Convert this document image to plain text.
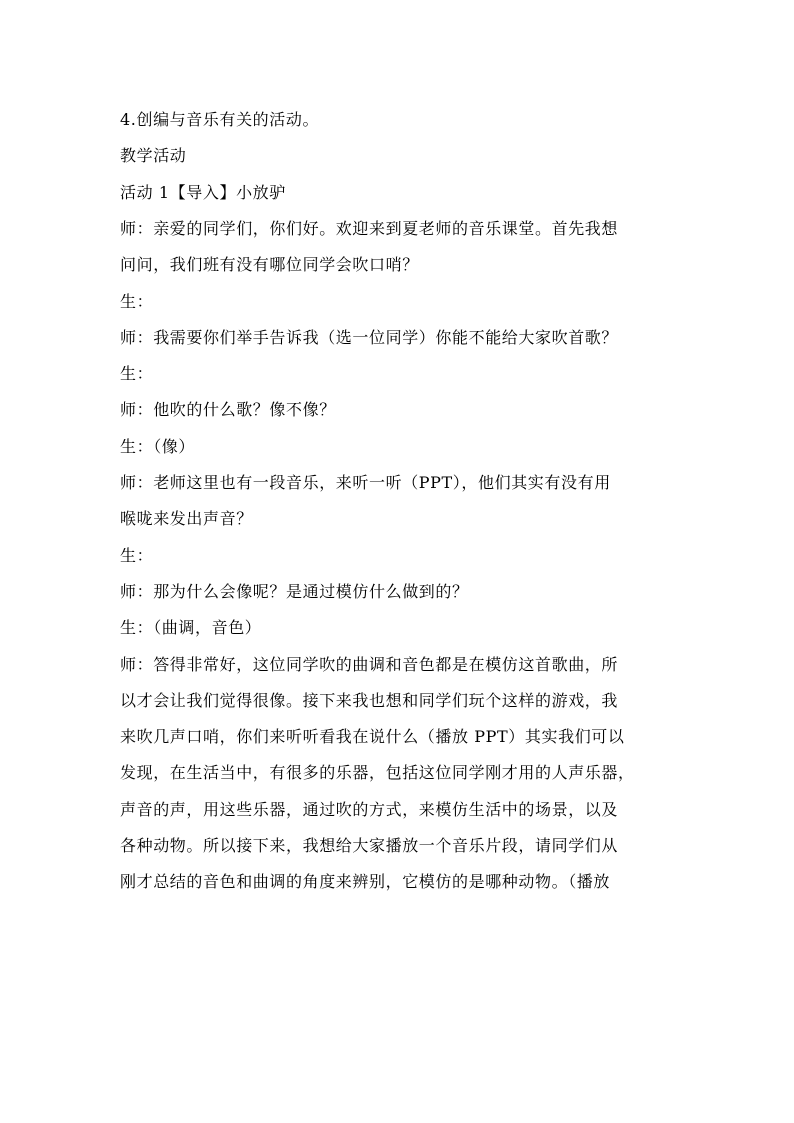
4.创编与音乐有关的活动。
教学活动
活动 1【导入】小放驴
师：亲爱的同学们，你们好。欢迎来到夏老师的音乐课堂。首先我想
问问，我们班有没有哪位同学会吹口哨？
生：
师：我需要你们举手告诉我（选一位同学）你能不能给大家吹首歌？
生：
师：他吹的什么歌？像不像？
生：（像）
师：老师这里也有一段音乐，来听一听（PPT），他们其实有没有用
喉咙来发出声音？
生：
师：那为什么会像呢？是通过模仿什么做到的？
生：（曲调，音色）
师：答得非常好，这位同学吹的曲调和音色都是在模仿这首歌曲，所
以才会让我们觉得很像。接下来我也想和同学们玩个这样的游戏，我
来吹几声口哨，你们来听听看我在说什么（播放 PPT）其实我们可以
发现，在生活当中，有很多的乐器，包括这位同学刚才用的人声乐器，
声音的声，用这些乐器，通过吹的方式，来模仿生活中的场景，以及
各种动物。所以接下来，我想给大家播放一个音乐片段，请同学们从
刚才总结的音色和曲调的角度来辨别，它模仿的是哪种动物。（播放
